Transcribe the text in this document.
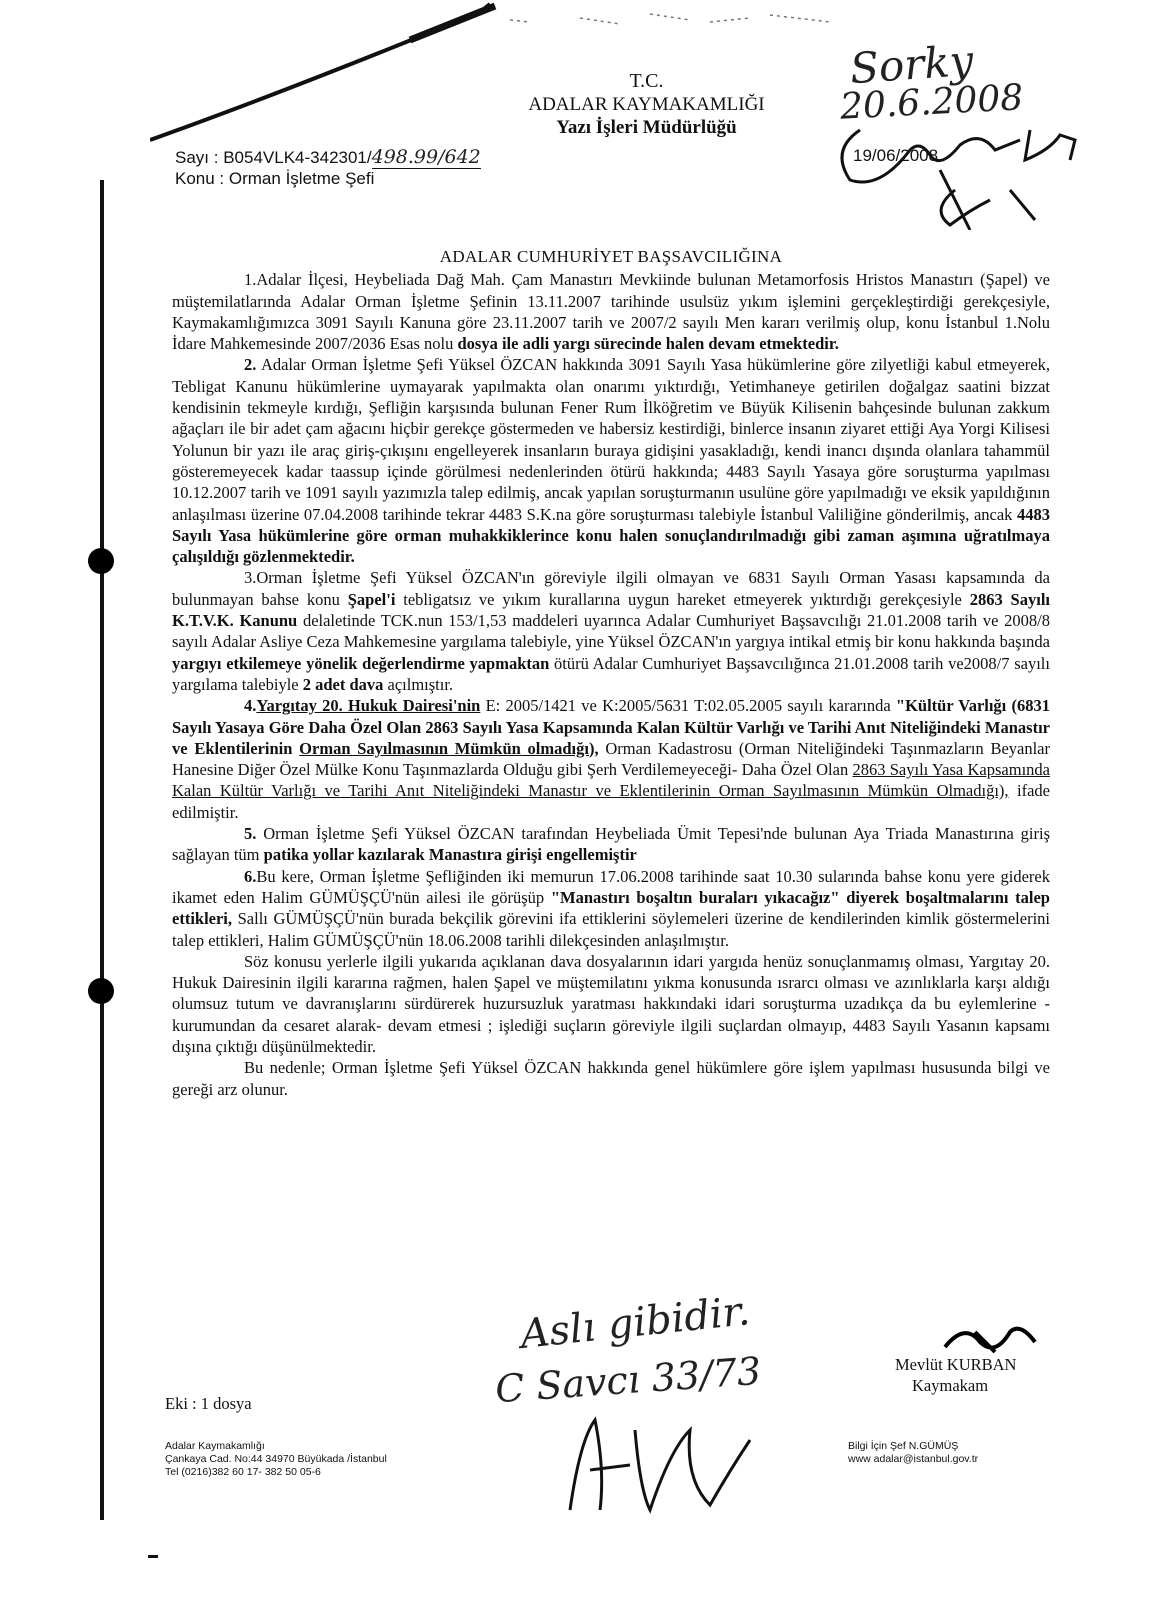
T.C.
ADALAR KAYMAKAMLIĞI
Yazı İşleri Müdürlüğü
Sayı : B054VLK4-342301/498.99/642
Konu : Orman İşletme Şefi
19/06/2008
Sorky
20.6.2008

ADALAR CUMHURİYET BAŞSAVCILIĞINA

1.Adalar İlçesi, Heybeliada Dağ Mah. Çam Manastırı Mevkiinde bulunan Metamorfosis Hristos Manastırı (Şapel) ve müştemilatlarında Adalar Orman İşletme Şefinin 13.11.2007 tarihinde usulsüz yıkım işlemini gerçekleştirdiği gerekçesiyle, Kaymakamlığımızca 3091 Sayılı Kanuna göre 23.11.2007 tarih ve 2007/2 sayılı Men kararı verilmiş olup, konu İstanbul 1.Nolu İdare Mahkemesinde 2007/2036 Esas nolu dosya ile adli yargı sürecinde halen devam etmektedir.

2. Adalar Orman İşletme Şefi Yüksel ÖZCAN hakkında 3091 Sayılı Yasa hükümlerine göre zilyetliği kabul etmeyerek, Tebligat Kanunu hükümlerine uymayarak yapılmakta olan onarımı yıktırdığı, Yetimhaneye getirilen doğalgaz saatini bizzat kendisinin tekmeyle kırdığı, Şefliğin karşısında bulunan Fener Rum İlköğretim ve Büyük Kilisenin bahçesinde bulunan zakkum ağaçları ile bir adet çam ağacını hiçbir gerekçe göstermeden ve habersiz kestirdiği, binlerce insanın ziyaret ettiği Aya Yorgi Kilisesi Yolunun bir yazı ile araç giriş-çıkışını engelleyerek insanların buraya gidişini yasakladığı, kendi inancı dışında olanlara tahammül gösteremeyecek kadar taassup içinde görülmesi nedenlerinden ötürü hakkında; 4483 Sayılı Yasaya göre soruşturma yapılması 10.12.2007 tarih ve 1091 sayılı yazımızla talep edilmiş, ancak yapılan soruşturmanın usulüne göre yapılmadığı ve eksik yapıldığının anlaşılması üzerine 07.04.2008 tarihinde tekrar 4483 S.K.na göre soruşturması talebiyle İstanbul Valiliğine gönderilmiş, ancak 4483 Sayılı Yasa hükümlerine göre orman muhakkiklerince konu halen sonuçlandırılmadığı gibi zaman aşımına uğratılmaya çalışıldığı gözlenmektedir.

3.Orman İşletme Şefi Yüksel ÖZCAN'ın göreviyle ilgili olmayan ve 6831 Sayılı Orman Yasası kapsamında da bulunmayan bahse konu Şapel'i tebligatsız ve yıkım kurallarına uygun hareket etmeyerek yıktırdığı gerekçesiyle 2863 Sayılı K.T.V.K. Kanunu delaletinde TCK.nun 153/1,53 maddeleri uyarınca Adalar Cumhuriyet Başsavcılığı 21.01.2008 tarih ve 2008/8 sayılı Adalar Asliye Ceza Mahkemesine yargılama talebiyle, yine Yüksel ÖZCAN'ın yargıya intikal etmiş bir konu hakkında başında yargıyı etkilemeye yönelik değerlendirme yapmaktan ötürü Adalar Cumhuriyet Başsavcılığınca 21.01.2008 tarih ve2008/7 sayılı yargılama talebiyle 2 adet dava açılmıştır.

4.Yargıtay 20. Hukuk Dairesi'nin E: 2005/1421 ve K:2005/5631 T:02.05.2005 sayılı kararında "Kültür Varlığı (6831 Sayılı Yasaya Göre Daha Özel Olan 2863 Sayılı Yasa Kapsamında Kalan Kültür Varlığı ve Tarihi Anıt Niteliğindeki Manastır ve Eklentilerinin Orman Sayılmasının Mümkün olmadığı), Orman Kadastrosu (Orman Niteliğindeki Taşınmazların Beyanlar Hanesine Diğer Özel Mülke Konu Taşınmazlarda Olduğu gibi Şerh Verdilemeyeceği- Daha Özel Olan 2863 Sayılı Yasa Kapsamında Kalan Kültür Varlığı ve Tarihi Anıt Niteliğindeki Manastır ve Eklentilerinin Orman Sayılmasının Mümkün Olmadığı), ifade edilmiştir.

5. Orman İşletme Şefi Yüksel ÖZCAN tarafından Heybeliada Ümit Tepesi'nde bulunan Aya Triada Manastırına giriş sağlayan tüm patika yollar kazılarak Manastıra girişi engellemiştir

6.Bu kere, Orman İşletme Şefliğinden iki memurun 17.06.2008 tarihinde saat 10.30 sularında bahse konu yere giderek ikamet eden Halim GÜMÜŞÇÜ'nün ailesi ile görüşüp "Manastırı boşaltın buraları yıkacağız" diyerek boşaltmalarını talep ettikleri, Sallı GÜMÜŞÇÜ'nün burada bekçilik görevini ifa ettiklerini söylemeleri üzerine de kendilerinden kimlik göstermelerini talep ettikleri, Halim GÜMÜŞÇÜ'nün 18.06.2008 tarihli dilekçesinden anlaşılmıştır.

Söz konusu yerlerle ilgili yukarıda açıklanan dava dosyalarının idari yargıda henüz sonuçlanmamış olması, Yargıtay 20. Hukuk Dairesinin ilgili kararına rağmen, halen Şapel ve müştemilatını yıkma konusunda ısrarcı olması ve azınlıklarla karşı aldığı olumsuz tutum ve davranışlarını sürdürerek huzursuzluk yaratması hakkındaki idari soruşturma uzadıkça da bu eylemlerine -kurumundan da cesaret alarak- devam etmesi ; işlediği suçların göreviyle ilgili suçlardan olmayıp, 4483 Sayılı Yasanın kapsamı dışına çıktığı düşünülmektedir.

Bu nedenle; Orman İşletme Şefi Yüksel ÖZCAN hakkında genel hükümlere göre işlem yapılması hususunda bilgi ve gereği arz olunur.

Aslı gibidir.
C Savcı 33/73	Mevlüt KURBAN
Kaymakam
Eki : 1 dosya
Adalar Kaymakamlığı
Çankaya Cad. No:44 34970 Büyükada /İstanbul
Tel (0216)382 60 17- 382 50 05-6
Bilgi İçin Şef N.GÜMÜŞ
www adalar@istanbul.gov.tr
